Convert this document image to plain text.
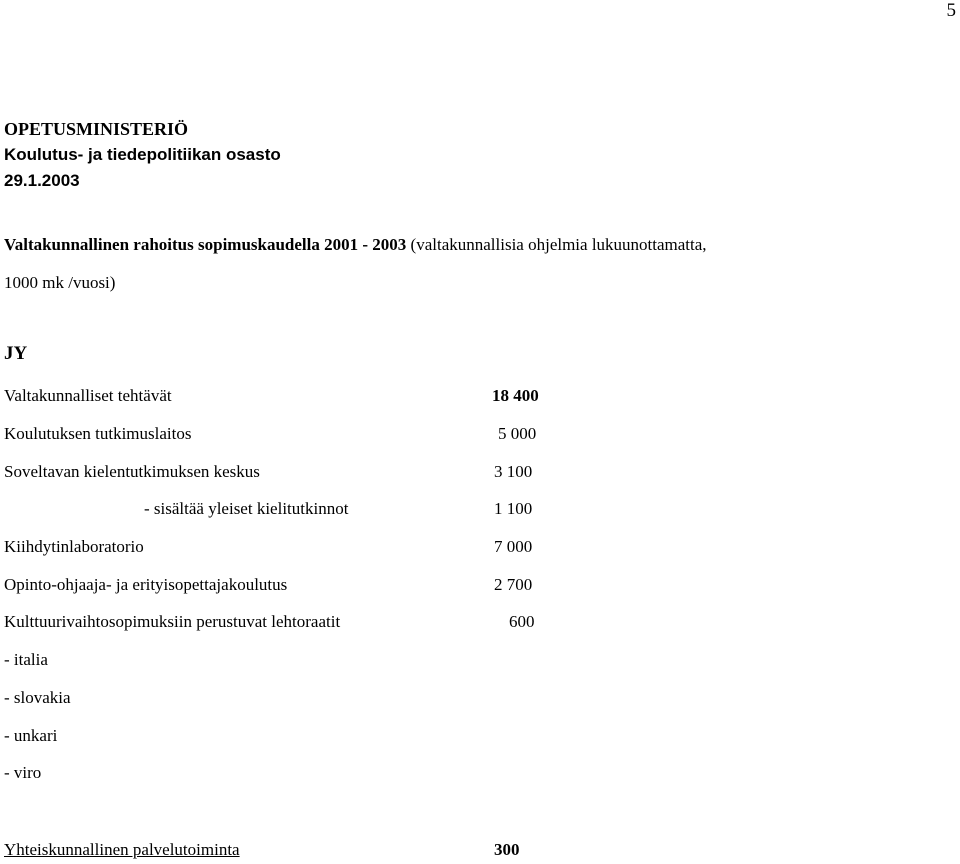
5
OPETUSMINISTERIÖ
Koulutus- ja tiedepolitiikan osasto
29.1.2003
Valtakunnallinen rahoitus sopimuskaudella 2001 - 2003 (valtakunnallisia ohjelmia lukuunottamatta,
1000 mk /vuosi)
JY
Valtakunnalliset tehtävät	18 400
Koulutuksen tutkimuslaitos	5 000
Soveltavan kielentutkimuksen keskus	3 100
- sisältää yleiset kielitutkinnot	1 100
Kiihdytinlaboratorio	7 000
Opinto-ohjaaja- ja erityisopettajakoulutus	2 700
Kulttuurivaihtosopimuksiin perustuvat lehtoraatit	600
- italia
- slovakia
- unkari
- viro
Yhteiskunnallinen palvelutoiminta	300
